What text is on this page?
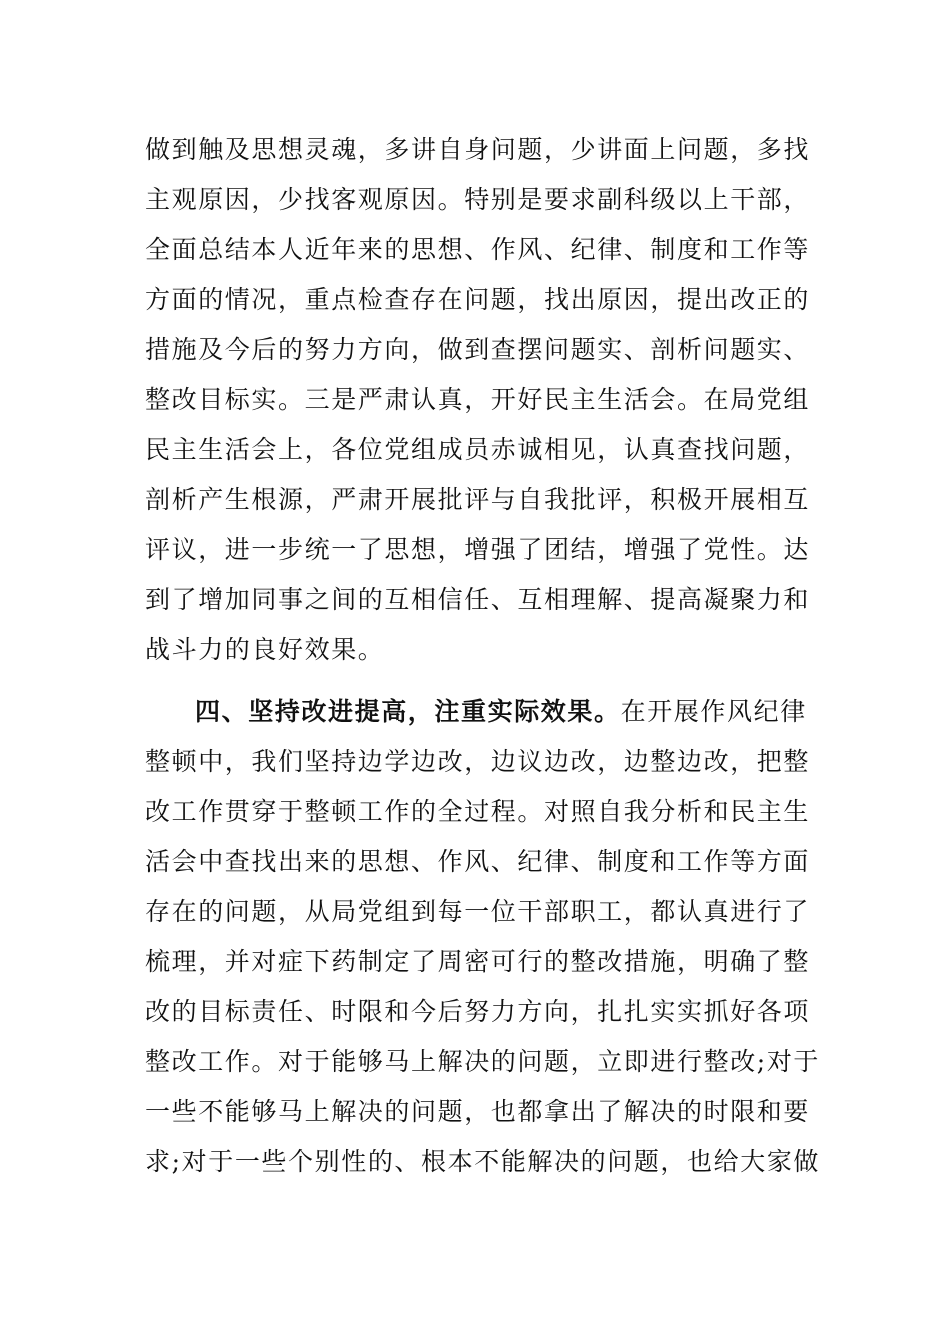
做到触及思想灵魂，多讲自身问题，少讲面上问题，多找
主观原因，少找客观原因。特别是要求副科级以上干部，
全面总结本人近年来的思想、作风、纪律、制度和工作等
方面的情况，重点检查存在问题，找出原因，提出改正的
措施及今后的努力方向，做到查摆问题实、剖析问题实、
整改目标实。三是严肃认真，开好民主生活会。在局党组
民主生活会上，各位党组成员赤诚相见，认真查找问题，
剖析产生根源，严肃开展批评与自我批评，积极开展相互
评议，进一步统一了思想，增强了团结，增强了党性。达
到了增加同事之间的互相信任、互相理解、提高凝聚力和
战斗力的良好效果。
四、坚持改进提高，注重实际效果。在开展作风纪律
整顿中，我们坚持边学边改，边议边改，边整边改，把整
改工作贯穿于整顿工作的全过程。对照自我分析和民主生
活会中查找出来的思想、作风、纪律、制度和工作等方面
存在的问题，从局党组到每一位干部职工，都认真进行了
梳理，并对症下药制定了周密可行的整改措施，明确了整
改的目标责任、时限和今后努力方向，扎扎实实抓好各项
整改工作。对于能够马上解决的问题，立即进行整改;对于
一些不能够马上解决的问题，也都拿出了解决的时限和要
求;对于一些个别性的、根本不能解决的问题，也给大家做
